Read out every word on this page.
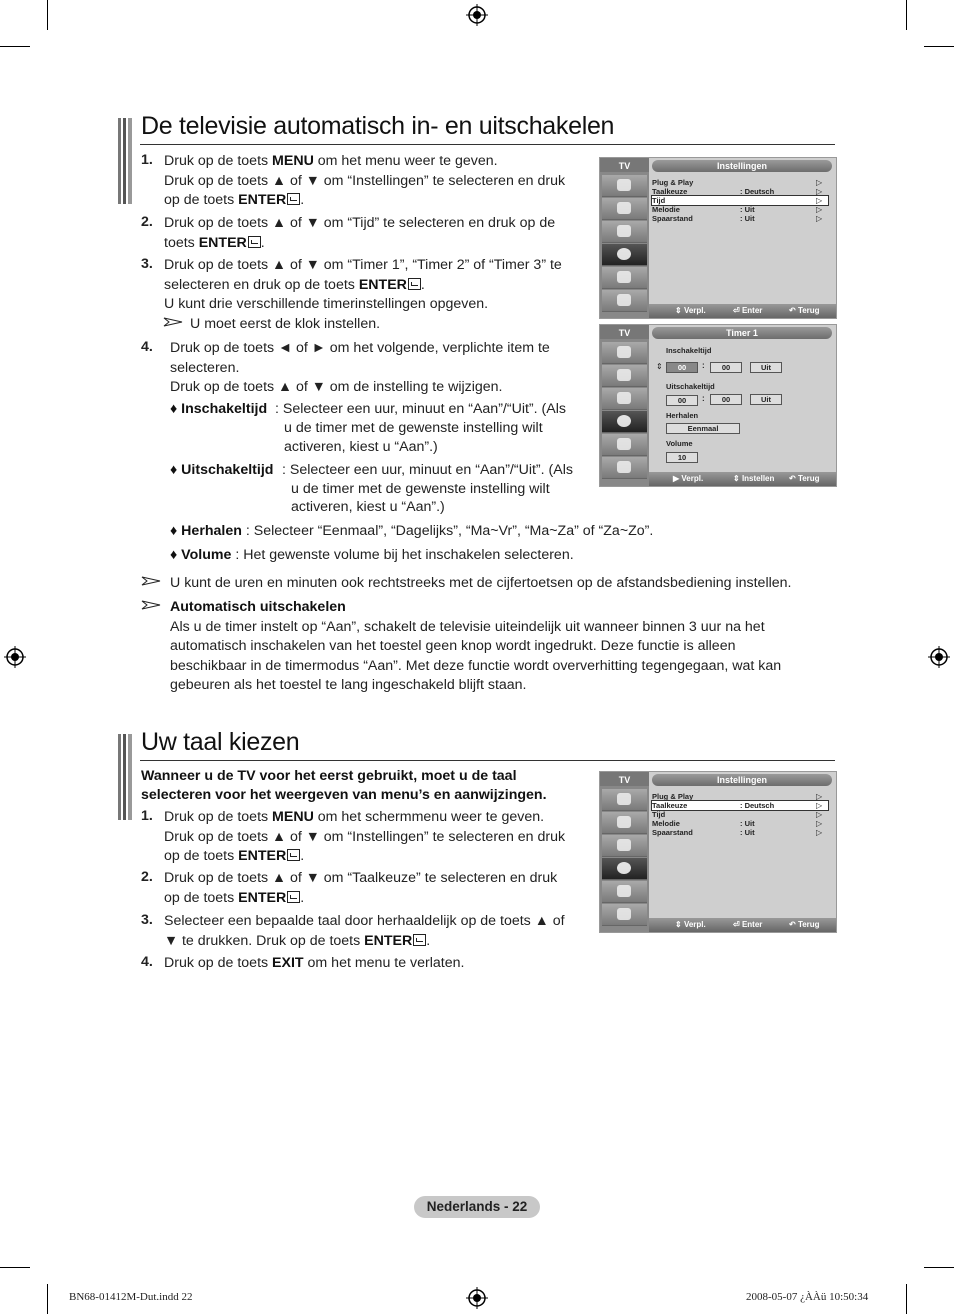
De televisie automatisch in- en uitschakelen
1. Druk op de toets MENU om het menu weer te geven.
Druk op de toets ▲ of ▼ om “Instellingen” te selecteren en druk
op de toets ENTER .
2. Druk op de toets ▲ of ▼ om “Tijd” te selecteren en druk op de
toets ENTER .
3. Druk op de toets ▲ of ▼ om “Timer 1”, “Timer 2” of “Timer 3” te
selecteren en druk op de toets ENTER .
U kunt drie verschillende timerinstellingen opgeven.
4. Druk op de toets ◄ of ► om het volgende, verplichte item te
selecteren.
Druk op de toets ▲ of ▼ om de instelling te wijzigen.
U moet eerst de klok instellen.
♦ Inschakeltijd : Selecteer een uur, minuut en “Aan”/“Uit”. (Als
u de timer met de gewenste instelling wilt
activeren, kiest u “Aan”.)
♦ Uitschakeltijd : Selecteer een uur, minuut en “Aan”/“Uit”. (Als
u de timer met de gewenste instelling wilt
activeren, kiest u “Aan”.)
♦ Herhalen : Selecteer “Eenmaal”, “Dagelijks”, “Ma~Vr”, “Ma~Za” of “Za~Zo”.
♦ Volume : Het gewenste volume bij het inschakelen selecteren.
U kunt de uren en minuten ook rechtstreeks met de cijfertoetsen op de afstandsbediening instellen.
Automatisch uitschakelen
Als u de timer instelt op “Aan”, schakelt de televisie uiteindelijk uit wanneer binnen 3 uur na het
automatisch inschakelen van het toestel geen knop wordt ingedrukt. Deze functie is alleen
beschikbaar in de timermodus “Aan”. Met deze functie wordt oververhitting tegengegaan, wat kan
gebeuren als het toestel te lang ingeschakeld blijft staan.
TV	Instellingen
Plug & Play	▷
Taalkeuze	: Deutsch	▷
Tijd	▷
Melodie	: Uit	▷
Spaarstand	: Uit	▷
⇕ Verpl.	⏎ Enter	↶ Terug
TV	Timer 1
Inschakeltijd
⇕	00	:	00	Uit
Uitschakeltijd
00	:	00	Uit
Herhalen
Eenmaal
Volume
10
▶ Verpl.	⇕ Instellen ↶ Terug
Uw taal kiezen
Wanneer u de TV voor het eerst gebruikt, moet u de taal
selecteren voor het weergeven van menu’s en aanwijzingen.
1. Druk op de toets MENU om het schermmenu weer te geven.
Druk op de toets ▲ of ▼ om “Instellingen” te selecteren en druk
op de toets ENTER .
2. Druk op de toets ▲ of ▼ om “Taalkeuze” te selecteren en druk
op de toets ENTER .
3. Selecteer een bepaalde taal door herhaaldelijk op de toets ▲ of
▼ te drukken. Druk op de toets ENTER .
4. Druk op de toets EXIT om het menu te verlaten.
TV	Instellingen
Plug & Play	▷
Taalkeuze	: Deutsch	▷
Tijd	▷
Melodie	: Uit	▷
Spaarstand	: Uit	▷
⇕ Verpl.	⏎ Enter	↶ Terug
Nederlands - 22
BN68-01412M-Dut.indd 22	2008-05-07 ¿ÀÀü 10:50:34
